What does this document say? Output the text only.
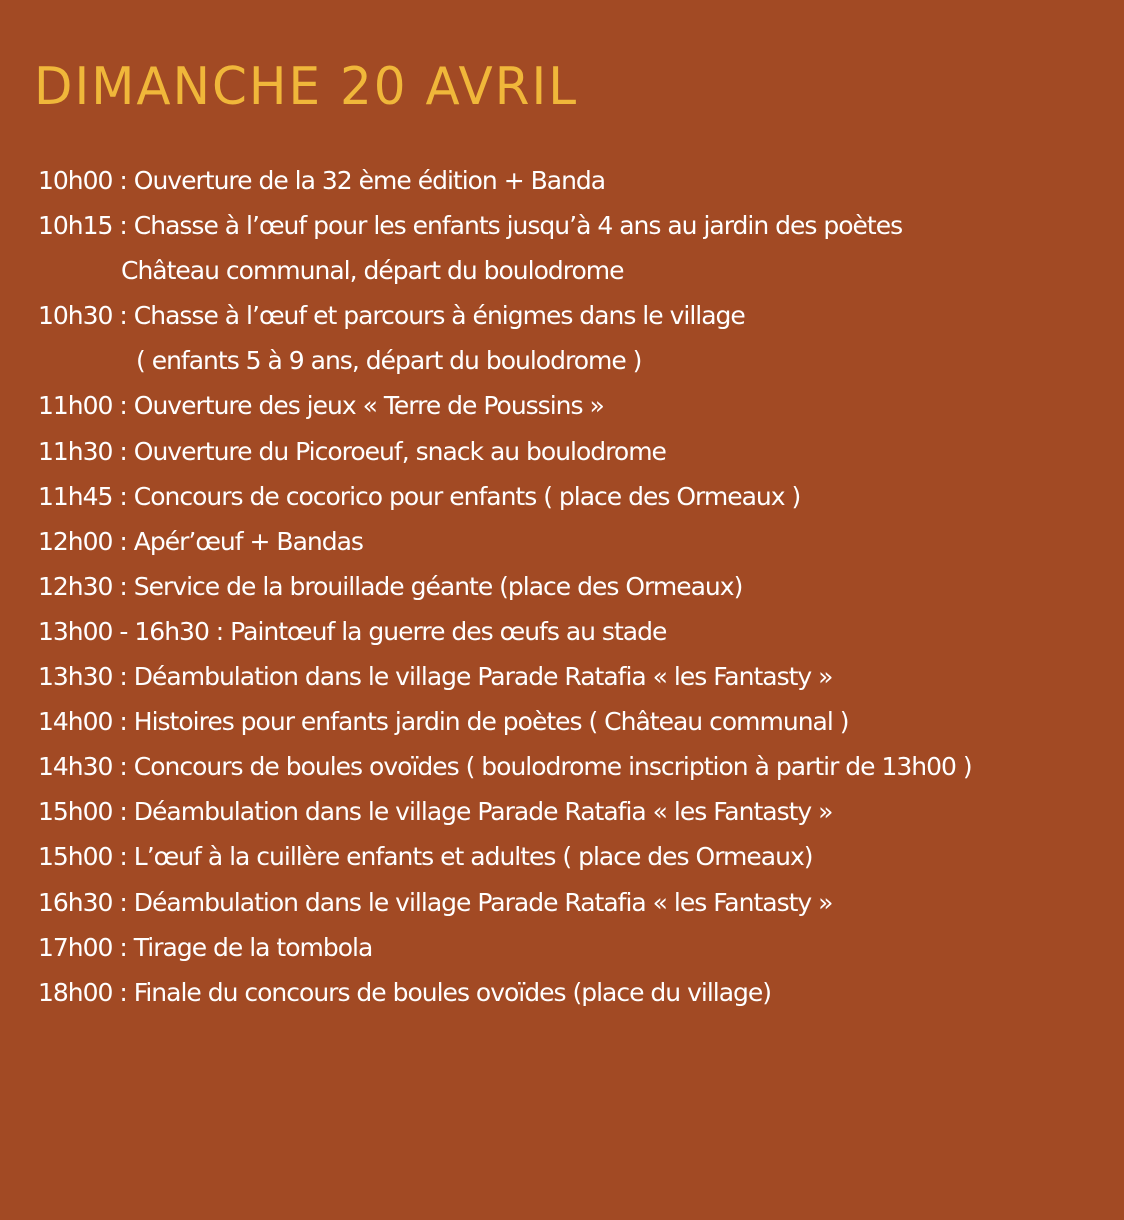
DIMANCHE 20 AVRIL
10h00 : Ouverture de la 32 ème édition + Banda
10h15 : Chasse à l’œuf pour les enfants jusqu’à 4 ans au jardin des poètes
Château communal, départ du boulodrome
10h30 : Chasse à l’œuf et parcours à énigmes dans le village
( enfants 5 à 9 ans, départ du boulodrome )
11h00 : Ouverture des jeux « Terre de Poussins »
11h30 : Ouverture du Picoroeuf, snack au boulodrome
11h45 : Concours de cocorico pour enfants ( place des Ormeaux )
12h00 : Apér’œuf + Bandas
12h30 : Service de la brouillade géante (place des Ormeaux)
13h00 - 16h30 : Paintœuf la guerre des œufs au stade
13h30 : Déambulation dans le village Parade Ratafia « les Fantasty »
14h00 : Histoires pour enfants jardin de poètes ( Château communal )
14h30 : Concours de boules ovoïdes ( boulodrome inscription à partir de 13h00 )
15h00 : Déambulation dans le village Parade Ratafia « les Fantasty »
15h00 : L’œuf à la cuillère enfants et adultes ( place des Ormeaux)
16h30 : Déambulation dans le village Parade Ratafia « les Fantasty »
17h00 : Tirage de la tombola
18h00 : Finale du concours de boules ovoïdes (place du village)
